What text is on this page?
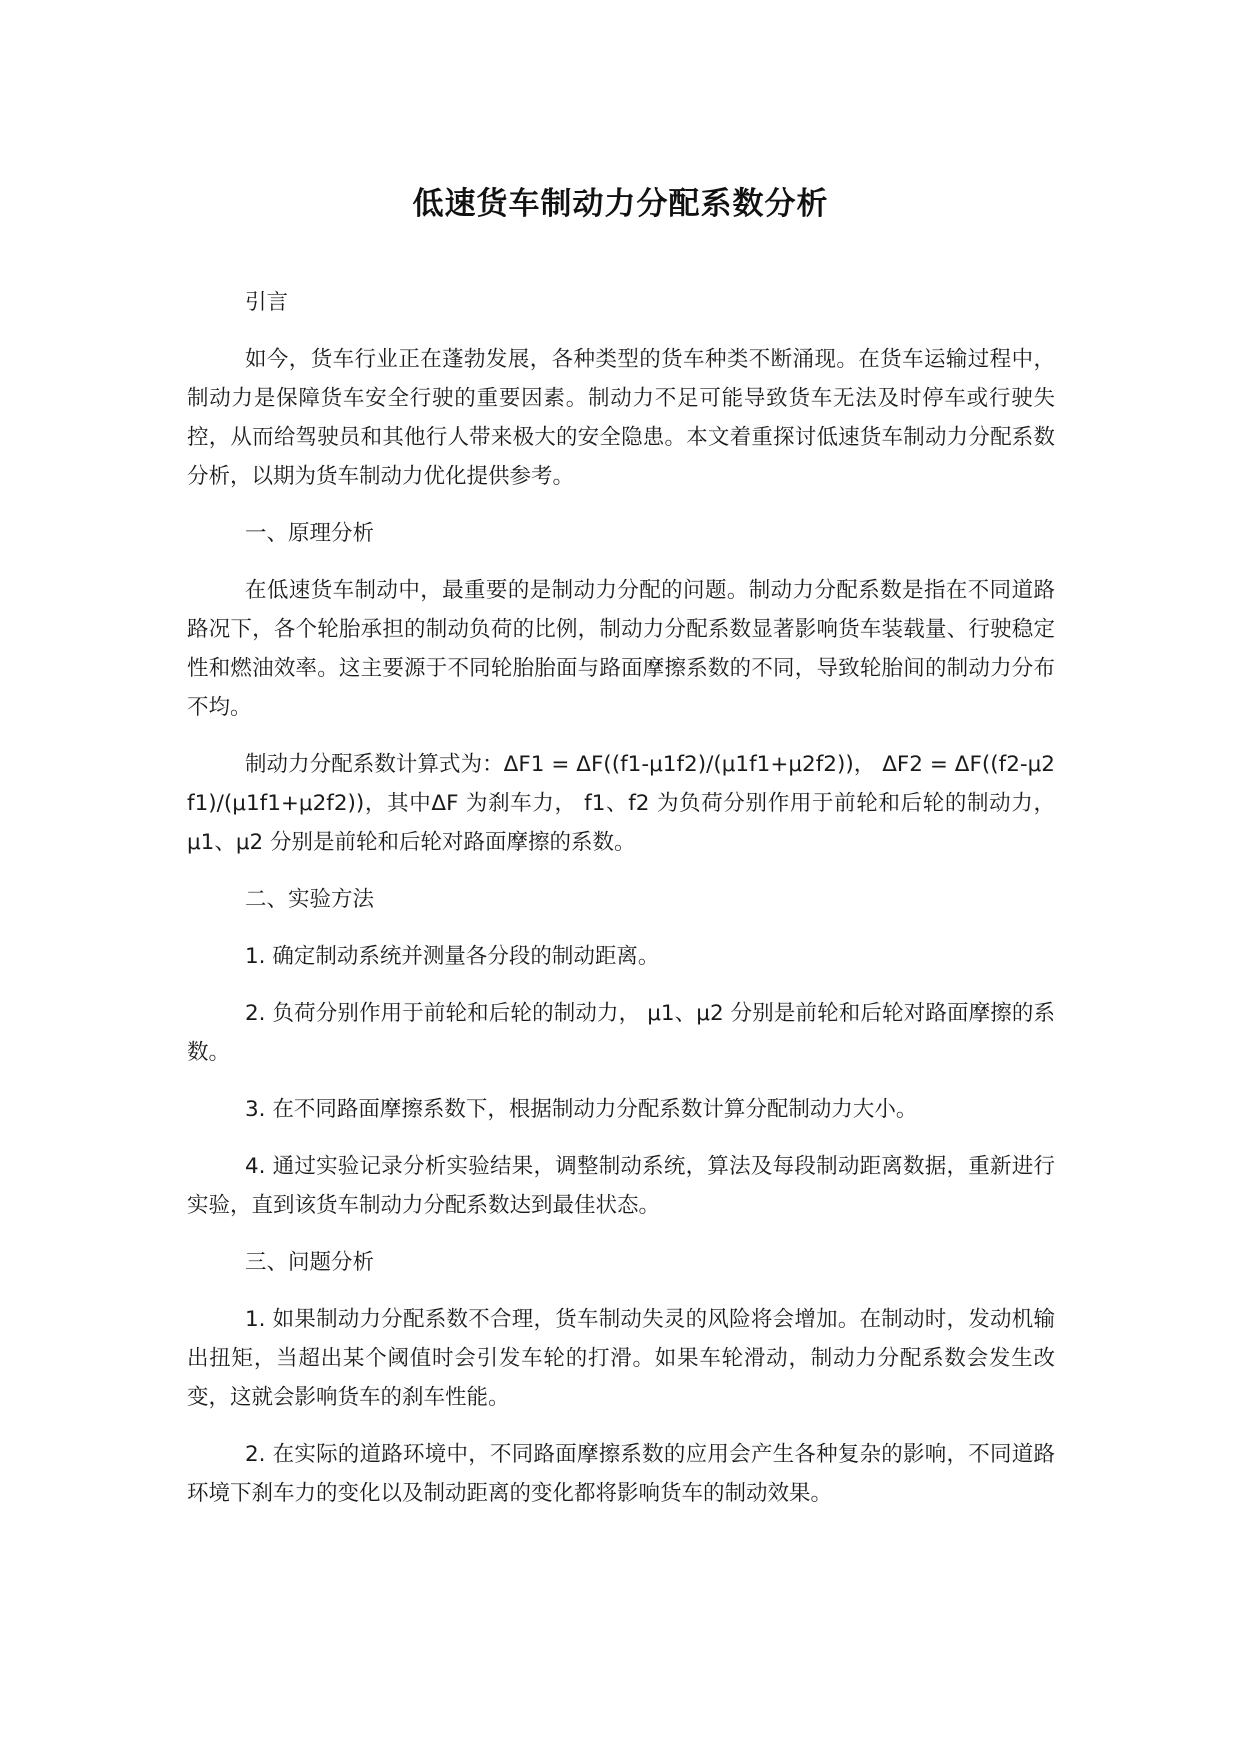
低速货车制动力分配系数分析

引言

如今，货车行业正在蓬勃发展，各种类型的货车种类不断涌现。在货车运输过程中，制动力是保障货车安全行驶的重要因素。制动力不足可能导致货车无法及时停车或行驶失控，从而给驾驶员和其他行人带来极大的安全隐患。本文着重探讨低速货车制动力分配系数分析，以期为货车制动力优化提供参考。

一、原理分析

在低速货车制动中，最重要的是制动力分配的问题。制动力分配系数是指在不同道路路况下，各个轮胎承担的制动负荷的比例，制动力分配系数显著影响货车装载量、行驶稳定性和燃油效率。这主要源于不同轮胎胎面与路面摩擦系数的不同，导致轮胎间的制动力分布不均。

制动力分配系数计算式为：ΔF1 = ΔF((f1-μ1f2)/(μ1f1+μ2f2))， ΔF2 = ΔF((f2-μ2f1)/(μ1f1+μ2f2))，其中ΔF 为刹车力， f1、f2 为负荷分别作用于前轮和后轮的制动力， μ1、μ2 分别是前轮和后轮对路面摩擦的系数。

二、实验方法

1. 确定制动系统并测量各分段的制动距离。

2. 负荷分别作用于前轮和后轮的制动力， μ1、μ2 分别是前轮和后轮对路面摩擦的系数。

3. 在不同路面摩擦系数下，根据制动力分配系数计算分配制动力大小。

4. 通过实验记录分析实验结果，调整制动系统，算法及每段制动距离数据，重新进行实验，直到该货车制动力分配系数达到最佳状态。

三、问题分析

1. 如果制动力分配系数不合理，货车制动失灵的风险将会增加。在制动时，发动机输出扭矩，当超出某个阈值时会引发车轮的打滑。如果车轮滑动，制动力分配系数会发生改变，这就会影响货车的刹车性能。

2. 在实际的道路环境中，不同路面摩擦系数的应用会产生各种复杂的影响，不同道路环境下刹车力的变化以及制动距离的变化都将影响货车的制动效果。
